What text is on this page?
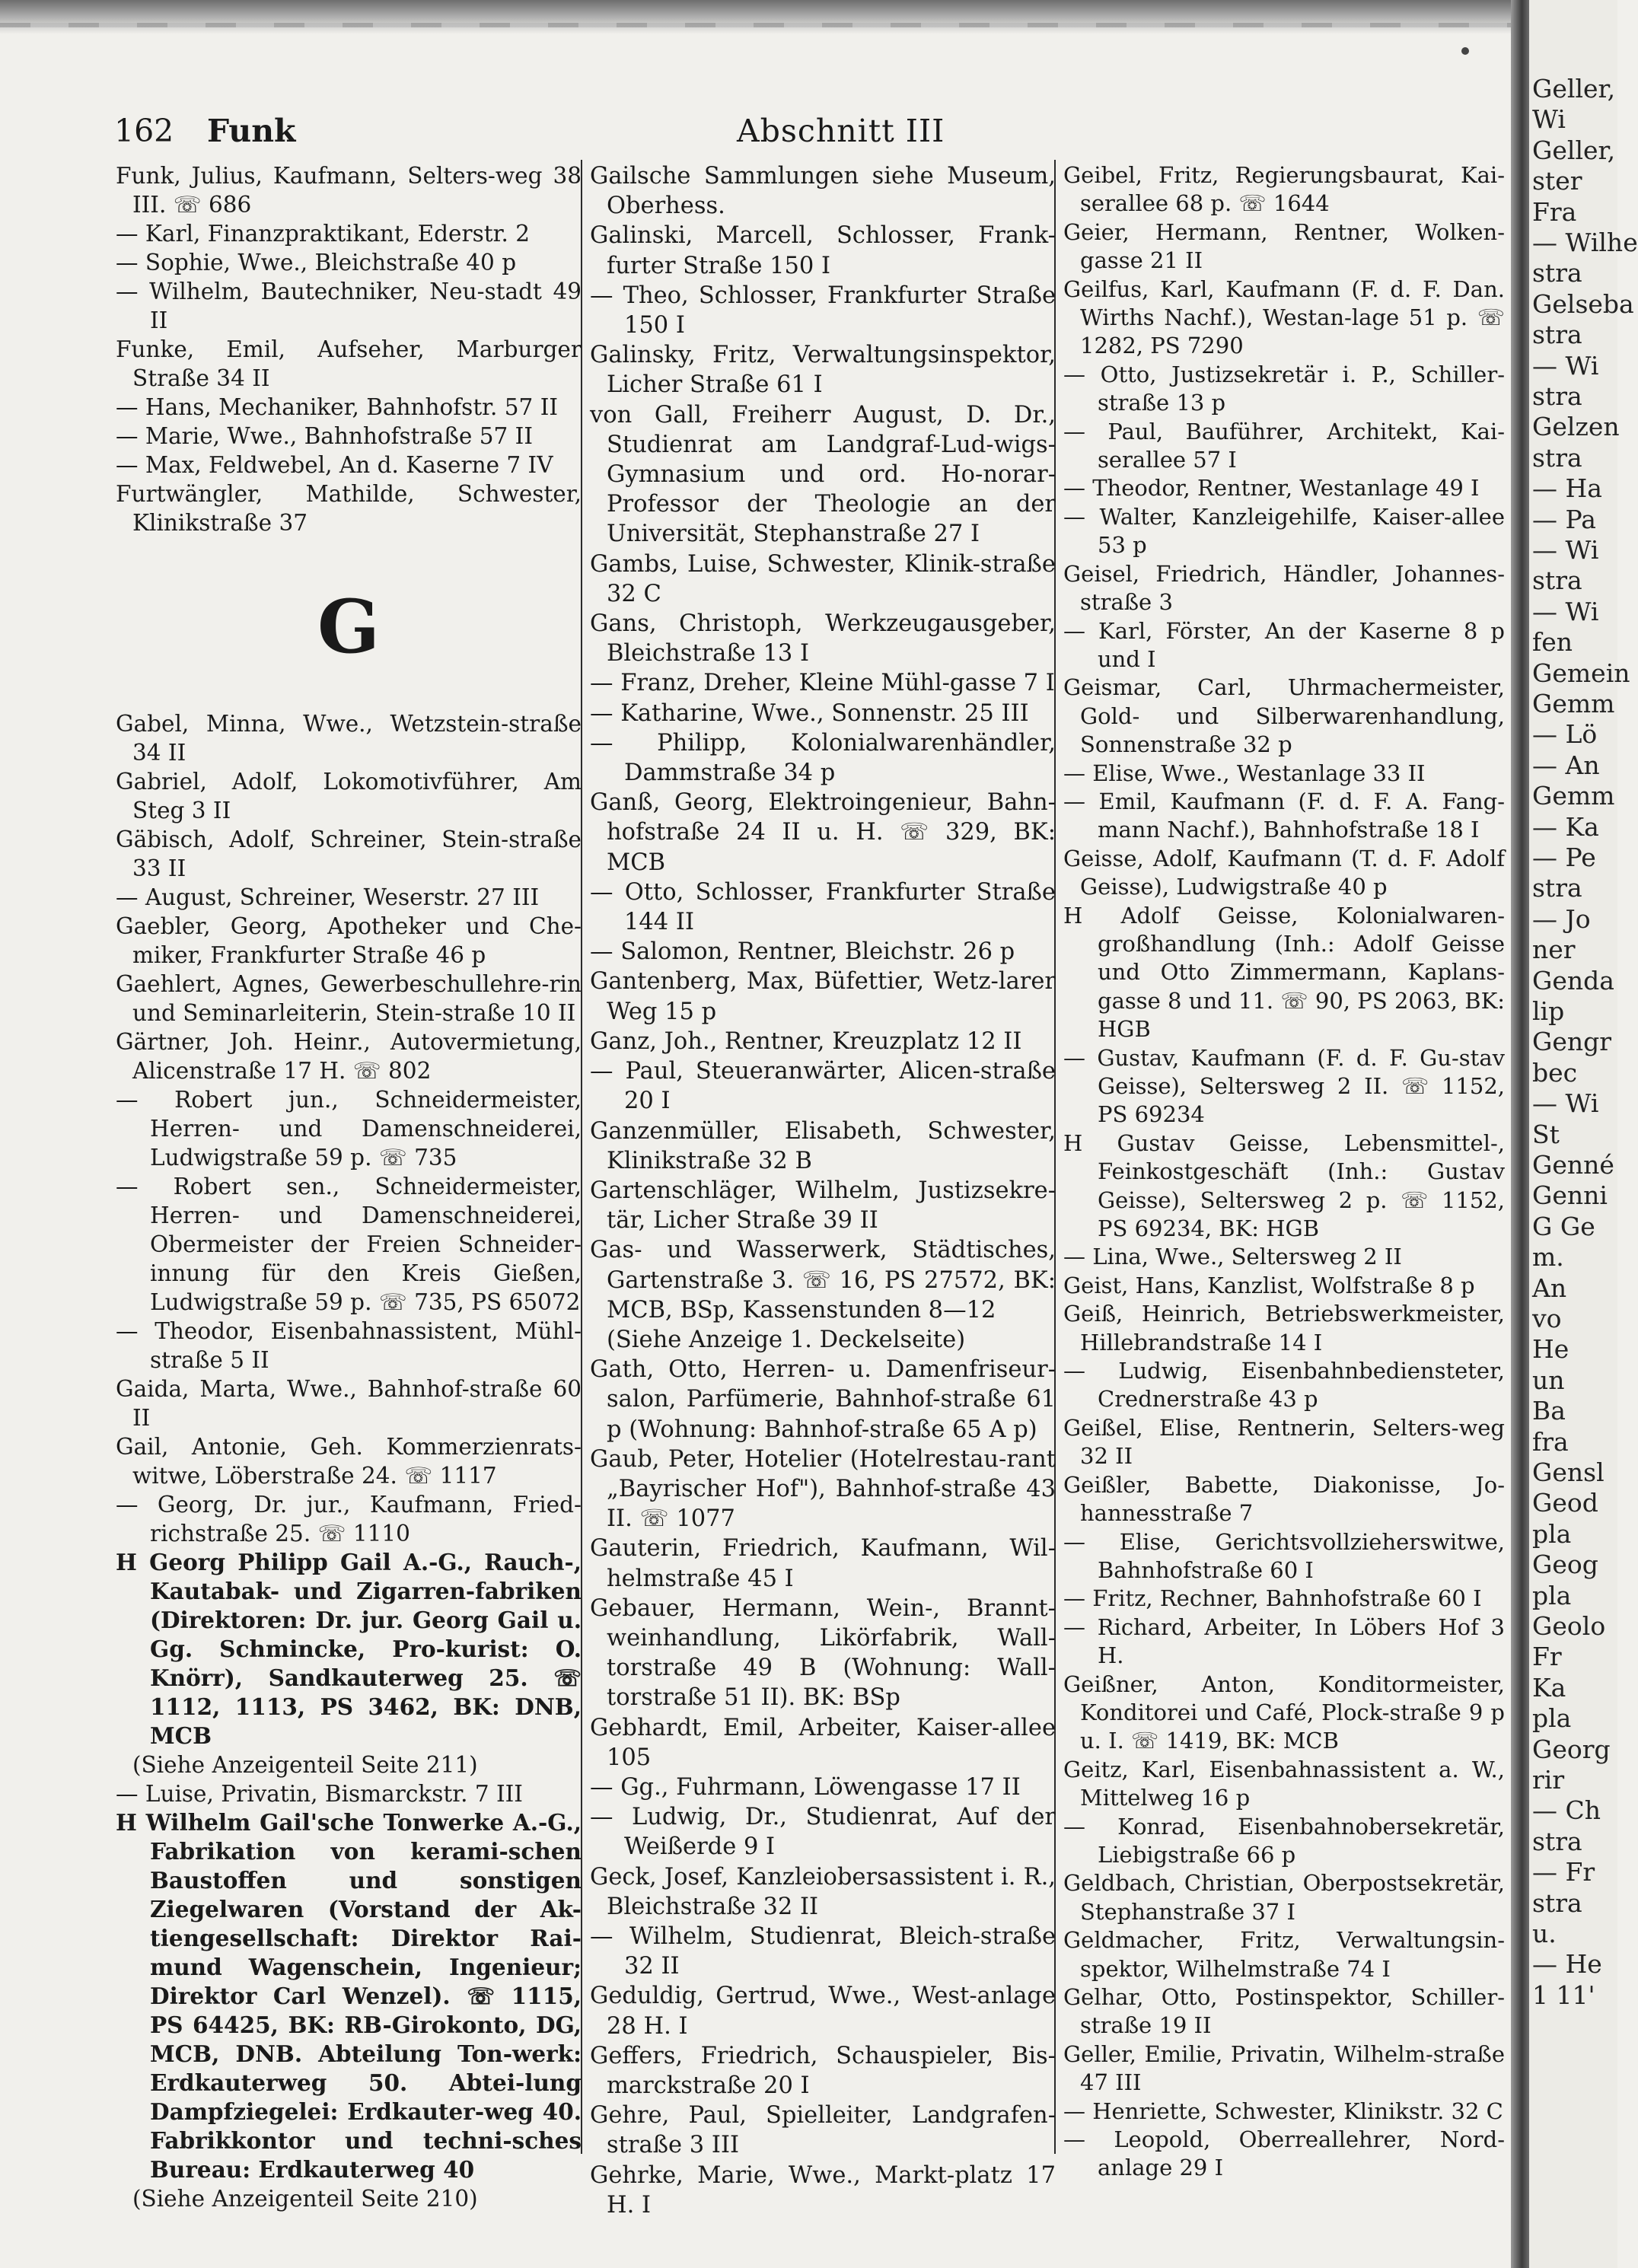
162 Funk	Abschnitt III
Funk, Julius, Kaufmann, Selters-weg 38 III. ☏ 686
— Karl, Finanzpraktikant, Ederstr. 2
— Sophie, Wwe., Bleichstraße 40 p
— Wilhelm, Bautechniker, Neu-stadt 49 II
Funke, Emil, Aufseher, Marburger Straße 34 II
— Hans, Mechaniker, Bahnhofstr. 57 II
— Marie, Wwe., Bahnhofstraße 57 II
— Max, Feldwebel, An d. Kaserne 7 IV
Furtwängler, Mathilde, Schwester, Klinikstraße 37
G
Gabel, Minna, Wwe., Wetzstein-straße 34 II
Gabriel, Adolf, Lokomotivführer, Am Steg 3 II
Gäbisch, Adolf, Schreiner, Stein-straße 33 II
— August, Schreiner, Weserstr. 27 III
Gaebler, Georg, Apotheker und Che-miker, Frankfurter Straße 46 p
Gaehlert, Agnes, Gewerbeschullehre-rin und Seminarleiterin, Stein-straße 10 II
Gärtner, Joh. Heinr., Autovermietung, Alicenstraße 17 H. ☏ 802
— Robert jun., Schneidermeister, Herren- und Damenschneiderei, Ludwigstraße 59 p. ☏ 735
— Robert sen., Schneidermeister, Herren- und Damenschneiderei, Obermeister der Freien Schneider-innung für den Kreis Gießen, Ludwigstraße 59 p. ☏ 735, PS 65072
— Theodor, Eisenbahnassistent, Mühl-straße 5 II
Gaida, Marta, Wwe., Bahnhof-straße 60 II
Gail, Antonie, Geh. Kommerzienrats-witwe, Löberstraße 24. ☏ 1117
— Georg, Dr. jur., Kaufmann, Fried-richstraße 25. ☏ 1110
H Georg Philipp Gail A.-G., Rauch-, Kautabak- und Zigarren-fabriken (Direktoren: Dr. jur. Georg Gail u. Gg. Schmincke, Pro-kurist: O. Knörr), Sandkauterweg 25. ☏ 1112, 1113, PS 3462, BK: DNB, MCB
(Siehe Anzeigenteil Seite 211)
— Luise, Privatin, Bismarckstr. 7 III
H Wilhelm Gail'sche Tonwerke A.-G., Fabrikation von kerami-schen Baustoffen und sonstigen Ziegelwaren (Vorstand der Ak-tiengesellschaft: Direktor Rai-mund Wagenschein, Ingenieur; Direktor Carl Wenzel). ☏ 1115, PS 64425, BK: RB-Girokonto, DG, MCB, DNB. Abteilung Ton-werk: Erdkauterweg 50. Abtei-lung Dampfziegelei: Erdkauter-weg 40. Fabrikkontor und techni-sches Bureau: Erdkauterweg 40
(Siehe Anzeigenteil Seite 210)
Gailsche Sammlungen siehe Museum, Oberhess.
Galinski, Marcell, Schlosser, Frank-furter Straße 150 I
— Theo, Schlosser, Frankfurter Straße 150 I
Galinsky, Fritz, Verwaltungsinspektor, Licher Straße 61 I
von Gall, Freiherr August, D. Dr., Studienrat am Landgraf-Lud-wigs-Gymnasium und ord. Ho-norar-Professor der Theologie an der Universität, Stephanstraße 27 I
Gambs, Luise, Schwester, Klinik-straße 32 C
Gans, Christoph, Werkzeugausgeber, Bleichstraße 13 I
— Franz, Dreher, Kleine Mühl-gasse 7 I
— Katharine, Wwe., Sonnenstr. 25 III
— Philipp, Kolonialwarenhändler, Dammstraße 34 p
Ganß, Georg, Elektroingenieur, Bahn-hofstraße 24 II u. H. ☏ 329, BK: MCB
— Otto, Schlosser, Frankfurter Straße 144 II
— Salomon, Rentner, Bleichstr. 26 p
Gantenberg, Max, Büfettier, Wetz-larer Weg 15 p
Ganz, Joh., Rentner, Kreuzplatz 12 II
— Paul, Steueranwärter, Alicen-straße 20 I
Ganzenmüller, Elisabeth, Schwester, Klinikstraße 32 B
Gartenschläger, Wilhelm, Justizsekre-tär, Licher Straße 39 II
Gas- und Wasserwerk, Städtisches, Gartenstraße 3. ☏ 16, PS 27572, BK: MCB, BSp, Kassenstunden 8—12
(Siehe Anzeige 1. Deckelseite)
Gath, Otto, Herren- u. Damenfriseur-salon, Parfümerie, Bahnhof-straße 61 p (Wohnung: Bahnhof-straße 65 A p)
Gaub, Peter, Hotelier (Hotelrestau-rant „Bayrischer Hof"), Bahnhof-straße 43 II. ☏ 1077
Gauterin, Friedrich, Kaufmann, Wil-helmstraße 45 I
Gebauer, Hermann, Wein-, Brannt-weinhandlung, Likörfabrik, Wall-torstraße 49 B (Wohnung: Wall-torstraße 51 II). BK: BSp
Gebhardt, Emil, Arbeiter, Kaiser-allee 105
— Gg., Fuhrmann, Löwengasse 17 II
— Ludwig, Dr., Studienrat, Auf der Weißerde 9 I
Geck, Josef, Kanzleiobersassistent i. R., Bleichstraße 32 II
— Wilhelm, Studienrat, Bleich-straße 32 II
Geduldig, Gertrud, Wwe., West-anlage 28 H. I
Geffers, Friedrich, Schauspieler, Bis-marckstraße 20 I
Gehre, Paul, Spielleiter, Landgrafen-straße 3 III
Gehrke, Marie, Wwe., Markt-platz 17 H. I
Geibel, Fritz, Regierungsbaurat, Kai-serallee 68 p. ☏ 1644
Geier, Hermann, Rentner, Wolken-gasse 21 II
Geilfus, Karl, Kaufmann (F. d. F. Dan. Wirths Nachf.), Westan-lage 51 p. ☏ 1282, PS 7290
— Otto, Justizsekretär i. P., Schiller-straße 13 p
— Paul, Bauführer, Architekt, Kai-serallee 57 I
— Theodor, Rentner, Westanlage 49 I
— Walter, Kanzleigehilfe, Kaiser-allee 53 p
Geisel, Friedrich, Händler, Johannes-straße 3
— Karl, Förster, An der Kaserne 8 p und I
Geismar, Carl, Uhrmachermeister, Gold- und Silberwarenhandlung, Sonnenstraße 32 p
— Elise, Wwe., Westanlage 33 II
— Emil, Kaufmann (F. d. F. A. Fang-mann Nachf.), Bahnhofstraße 18 I
Geisse, Adolf, Kaufmann (T. d. F. Adolf Geisse), Ludwigstraße 40 p
H Adolf Geisse, Kolonialwaren-großhandlung (Inh.: Adolf Geisse und Otto Zimmermann, Kaplans-gasse 8 und 11. ☏ 90, PS 2063, BK: HGB
— Gustav, Kaufmann (F. d. F. Gu-stav Geisse), Seltersweg 2 II. ☏ 1152, PS 69234
H Gustav Geisse, Lebensmittel-, Feinkostgeschäft (Inh.: Gustav Geisse), Seltersweg 2 p. ☏ 1152, PS 69234, BK: HGB
— Lina, Wwe., Seltersweg 2 II
Geist, Hans, Kanzlist, Wolfstraße 8 p
Geiß, Heinrich, Betriebswerkmeister, Hillebrandstraße 14 I
— Ludwig, Eisenbahnbediensteter, Crednerstraße 43 p
Geißel, Elise, Rentnerin, Selters-weg 32 II
Geißler, Babette, Diakonisse, Jo-hannesstraße 7
— Elise, Gerichtsvollzieherswitwe, Bahnhofstraße 60 I
— Fritz, Rechner, Bahnhofstraße 60 I
— Richard, Arbeiter, In Löbers Hof 3 H.
Geißner, Anton, Konditormeister, Konditorei und Café, Plock-straße 9 p u. I. ☏ 1419, BK: MCB
Geitz, Karl, Eisenbahnassistent a. W., Mittelweg 16 p
— Konrad, Eisenbahnobersekretär, Liebigstraße 66 p
Geldbach, Christian, Oberpostsekretär, Stephanstraße 37 I
Geldmacher, Fritz, Verwaltungsin-spektor, Wilhelmstraße 74 I
Gelhar, Otto, Postinspektor, Schiller-straße 19 II
Geller, Emilie, Privatin, Wilhelm-straße 47 III
— Henriette, Schwester, Klinikstr. 32 C
— Leopold, Oberreallehrer, Nord-anlage 29 I
Geller,
Wi
Geller,
ster
Fra
— Wilhe
stra
Gelseba
stra
— Wi
stra
Gelzen
stra
— Ha
— Pa
— Wi
stra
— Wi
fen
Gemein
Gemm
— Lö
— An
Gemm
— Ka
— Pe
stra
— Jo
ner
Genda
lip
Gengr
bec
— Wi
St
Genné
Genni
G Ge
m.
An
vo
He
un
Ba
fra
Gensl
Geod
pla
Geog
pla
Geolo
Fr
Ka
pla
Georg
rir
— Ch
stra
— Fr
stra
u.
— He
1 11'
